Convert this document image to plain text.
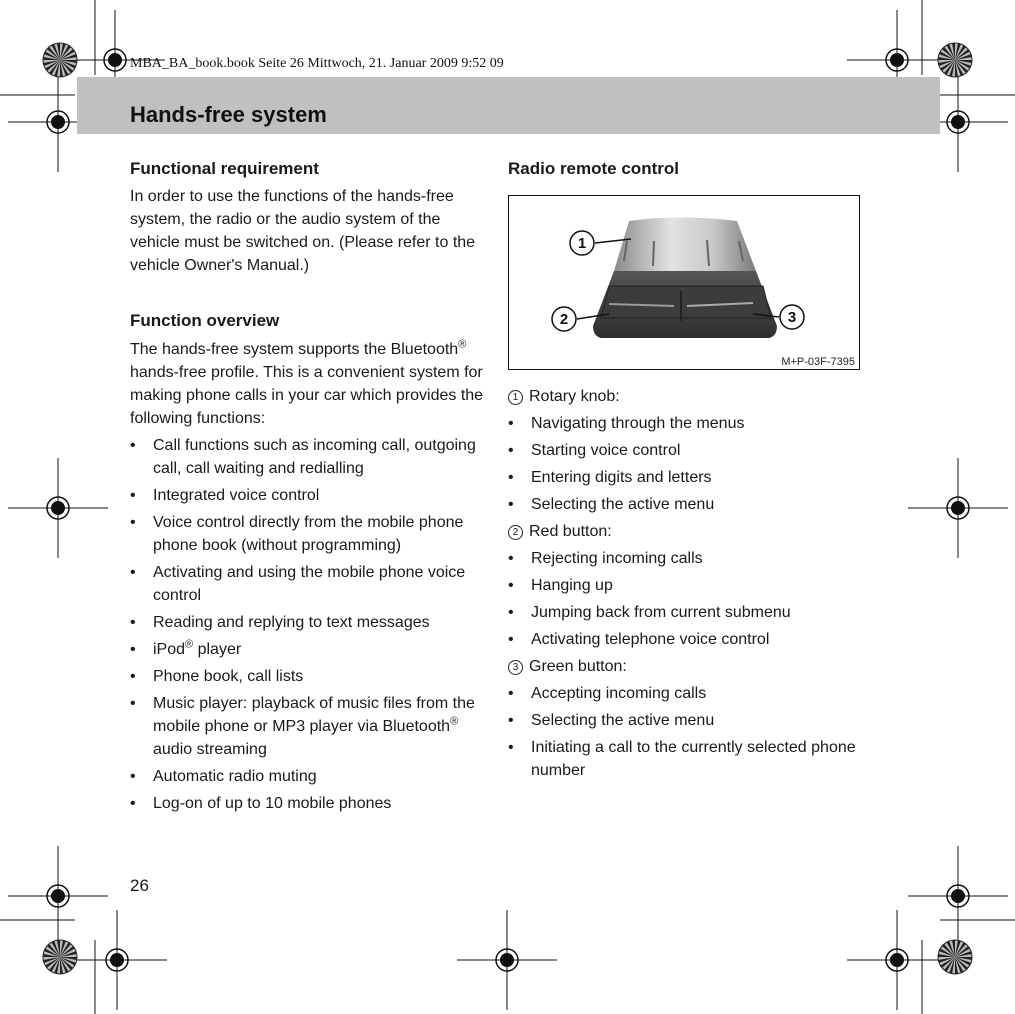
MBA_BA_book.book Seite 26 Mittwoch, 21. Januar 2009 9:52 09
Hands-free system
Functional requirement

In order to use the functions of the hands-free system, the radio or the audio system of the vehicle must be switched on. (Please refer to the vehicle Owner's Manual.)

Function overview

The hands-free system supports the Bluetooth® hands-free profile. This is a convenient system for making phone calls in your car which provides the following functions:

• Call functions such as incoming call, outgoing call, call waiting and redialling
• Integrated voice control
• Voice control directly from the mobile phone phone book (without programming)
• Activating and using the mobile phone voice control
• Reading and replying to text messages
• iPod® player
• Phone book, call lists
• Music player: playback of music files from the mobile phone or MP3 player via Bluetooth® audio streaming
• Automatic radio muting
• Log-on of up to 10 mobile phones
Radio remote control
1
2	3
M+P-03F-7395
1 Rotary knob:
• Navigating through the menus
• Starting voice control
• Entering digits and letters
• Selecting the active menu
2 Red button:
• Rejecting incoming calls
• Hanging up
• Jumping back from current submenu
• Activating telephone voice control
3 Green button:
• Accepting incoming calls
• Selecting the active menu
• Initiating a call to the currently selected phone number
26
